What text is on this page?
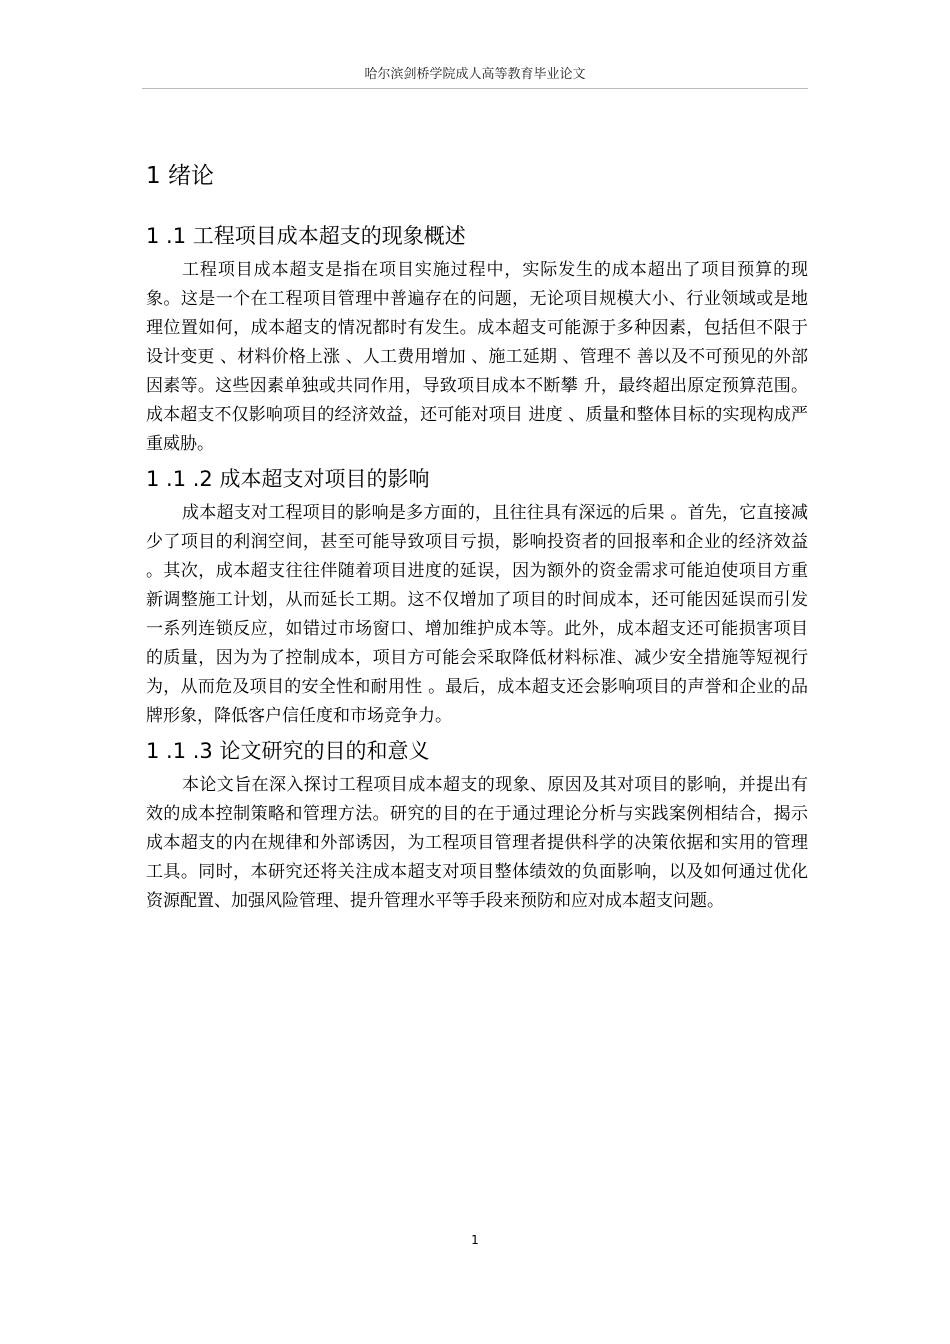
哈尔滨剑桥学院成人高等教育毕业论文
1 绪论
1 .1 工程项目成本超支的现象概述

工程项目成本超支是指在项目实施过程中，实际发生的成本超出了项目预算的现象。这是一个在工程项目管理中普遍存在的问题，无论项目规模大小、行业领域或是地理位置如何，成本超支的情况都时有发生。成本超支可能源于多种因素，包括但不限于设计变更 、材料价格上涨 、人工费用增加 、施工延期 、管理不 善以及不可预见的外部因素等。这些因素单独或共同作用，导致项目成本不断攀 升，最终超出原定预算范围。成本超支不仅影响项目的经济效益，还可能对项目 进度 、质量和整体目标的实现构成严重威胁。

1 .1 .2 成本超支对项目的影响

成本超支对工程项目的影响是多方面的，且往往具有深远的后果 。首先，它直接减少了项目的利润空间，甚至可能导致项目亏损，影响投资者的回报率和企业的经济效益 。其次，成本超支往往伴随着项目进度的延误，因为额外的资金需求可能迫使项目方重新调整施工计划，从而延长工期。这不仅增加了项目的时间成本，还可能因延误而引发一系列连锁反应，如错过市场窗口、增加维护成本等。此外，成本超支还可能损害项目的质量，因为为了控制成本，项目方可能会采取降低材料标准、减少安全措施等短视行为，从而危及项目的安全性和耐用性 。最后，成本超支还会影响项目的声誉和企业的品牌形象，降低客户信任度和市场竞争力。

1 .1 .3 论文研究的目的和意义

本论文旨在深入探讨工程项目成本超支的现象、原因及其对项目的影响，并提出有效的成本控制策略和管理方法。研究的目的在于通过理论分析与实践案例相结合，揭示成本超支的内在规律和外部诱因，为工程项目管理者提供科学的决策依据和实用的管理工具。同时，本研究还将关注成本超支对项目整体绩效的负面影响，以及如何通过优化资源配置、加强风险管理、提升管理水平等手段来预防和应对成本超支问题。

1
